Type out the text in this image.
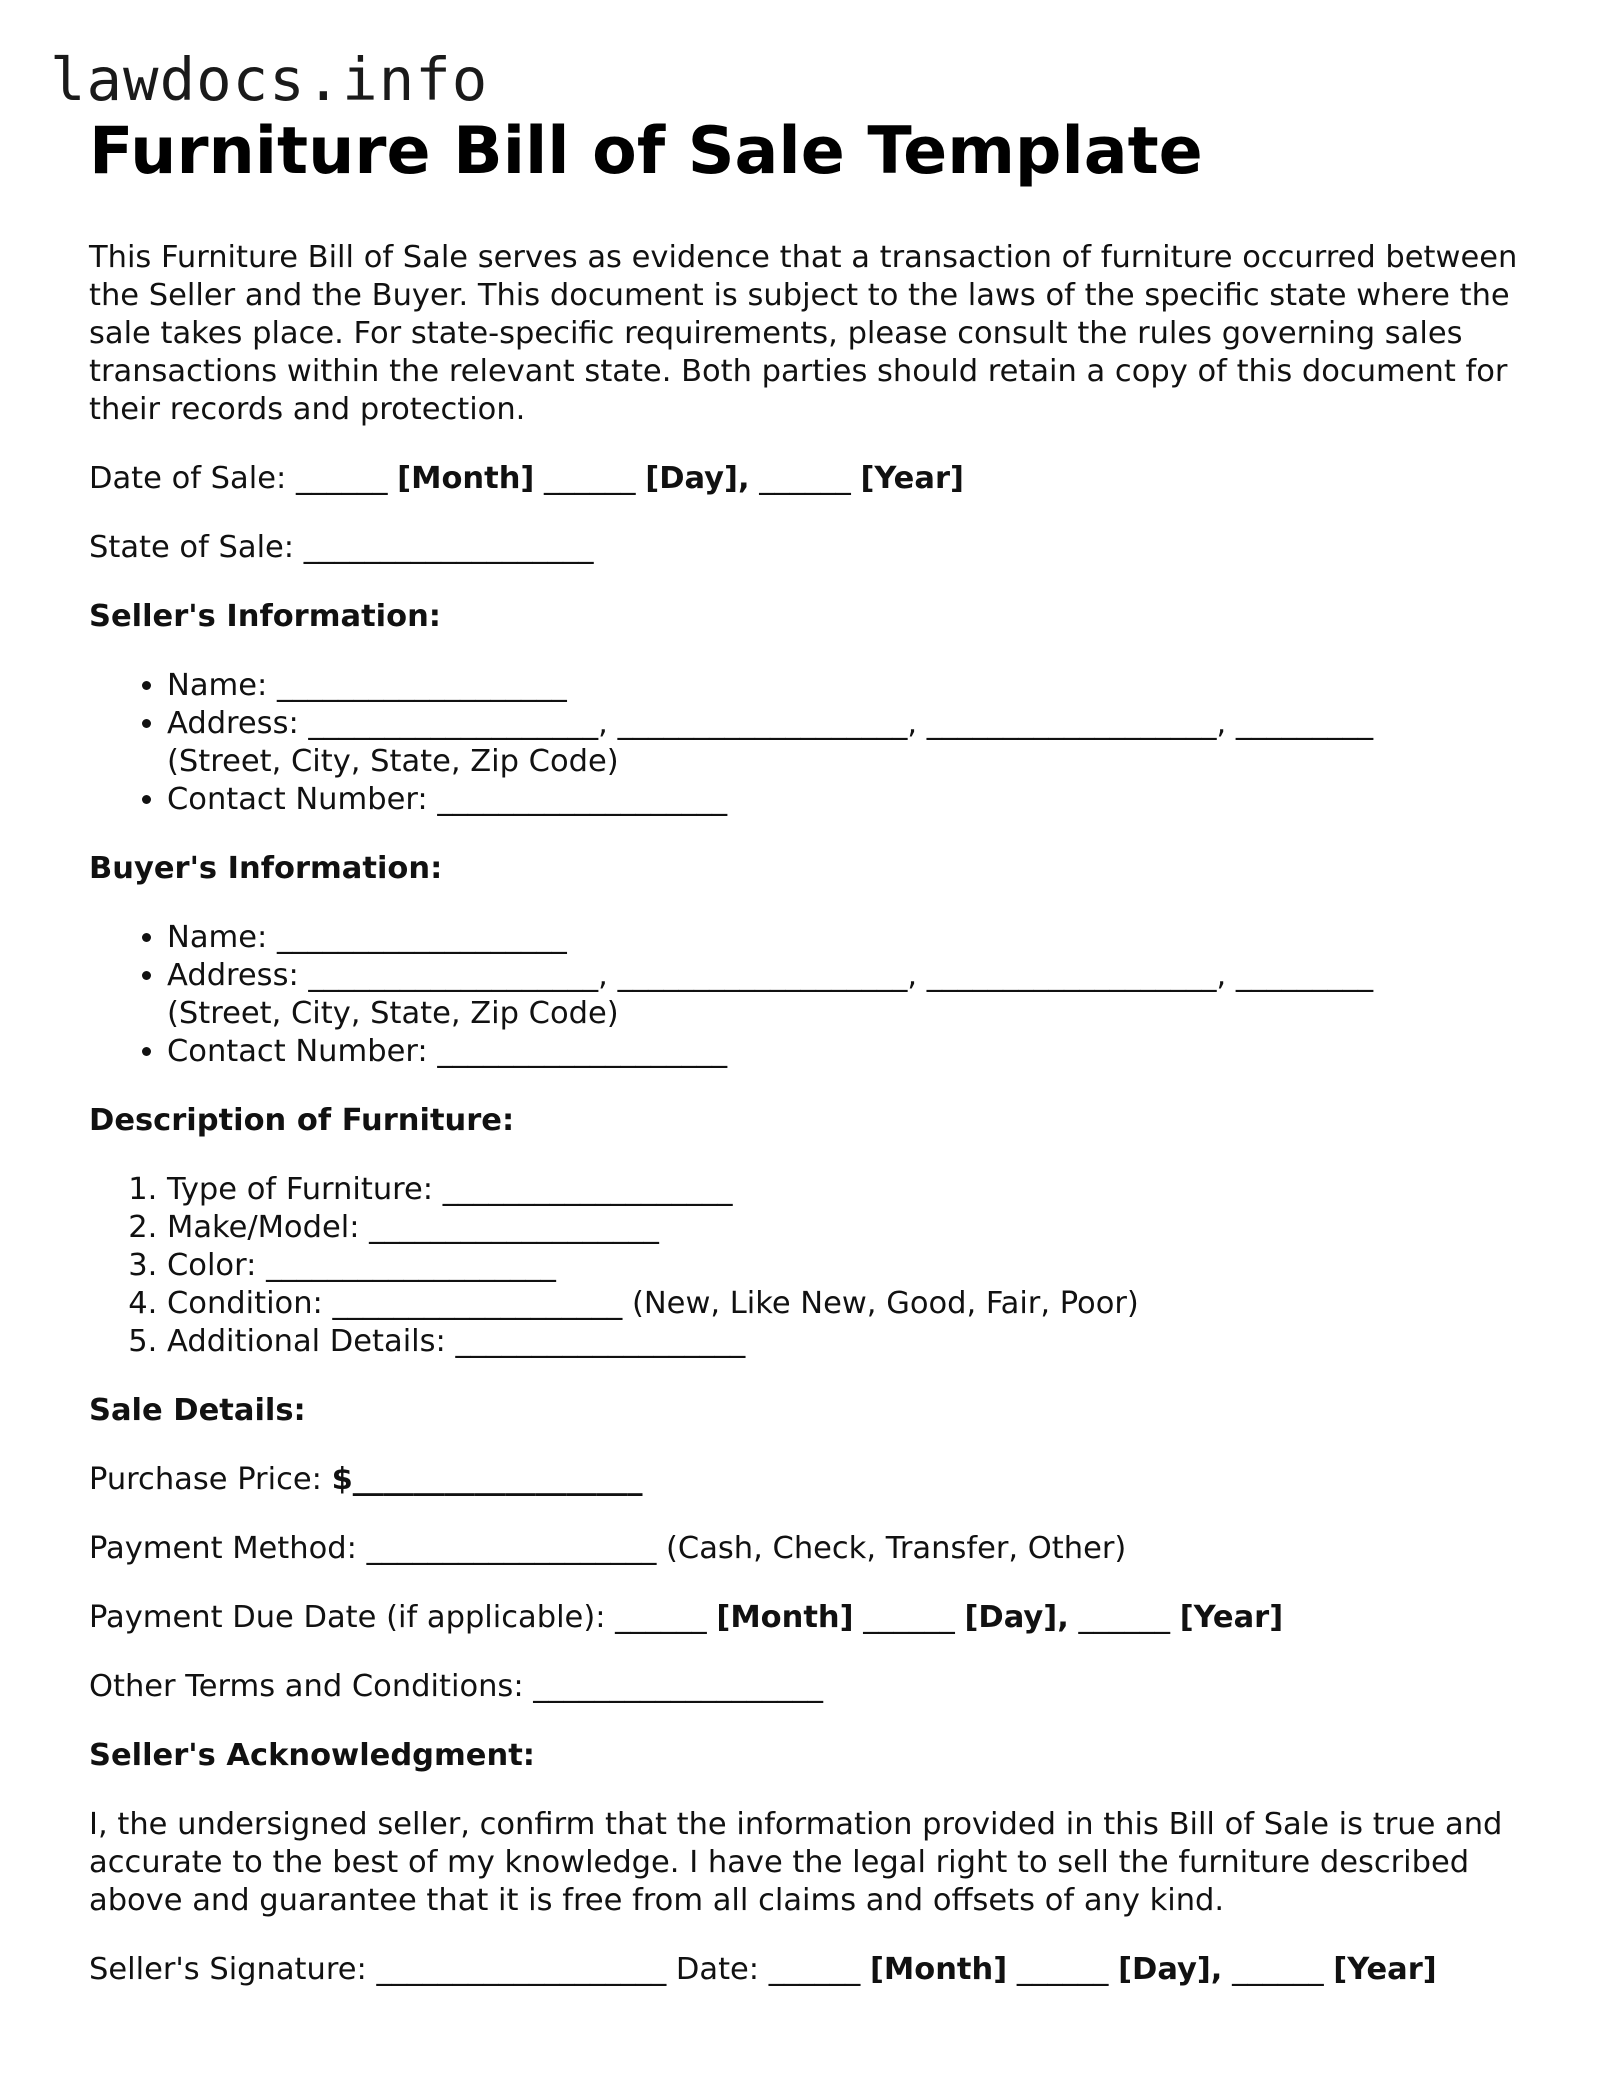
lawdocs.info
Furniture Bill of Sale Template

This Furniture Bill of Sale serves as evidence that a transaction of furniture occurred between the Seller and the Buyer. This document is subject to the laws of the specific state where the sale takes place. For state-specific requirements, please consult the rules governing sales transactions within the relevant state. Both parties should retain a copy of this document for their records and protection.

Date of Sale: ______ [Month] ______ [Day], ______ [Year]

State of Sale: ___________________

Seller's Information:

• Name: ___________________
• Address: ___________________, ___________________, ___________________, _________
(Street, City, State, Zip Code)
• Contact Number: ___________________

Buyer's Information:

• Name: ___________________
• Address: ___________________, ___________________, ___________________, _________
(Street, City, State, Zip Code)
• Contact Number: ___________________

Description of Furniture:

1. Type of Furniture: ___________________
2. Make/Model: ___________________
3. Color: ___________________
4. Condition: ___________________ (New, Like New, Good, Fair, Poor)
5. Additional Details: ___________________

Sale Details:

Purchase Price: $___________________

Payment Method: ___________________ (Cash, Check, Transfer, Other)

Payment Due Date (if applicable): ______ [Month] ______ [Day], ______ [Year]

Other Terms and Conditions: ___________________

Seller's Acknowledgment:

I, the undersigned seller, confirm that the information provided in this Bill of Sale is true and accurate to the best of my knowledge. I have the legal right to sell the furniture described above and guarantee that it is free from all claims and offsets of any kind.

Seller's Signature: ___________________ Date: ______ [Month] ______ [Day], ______ [Year]
